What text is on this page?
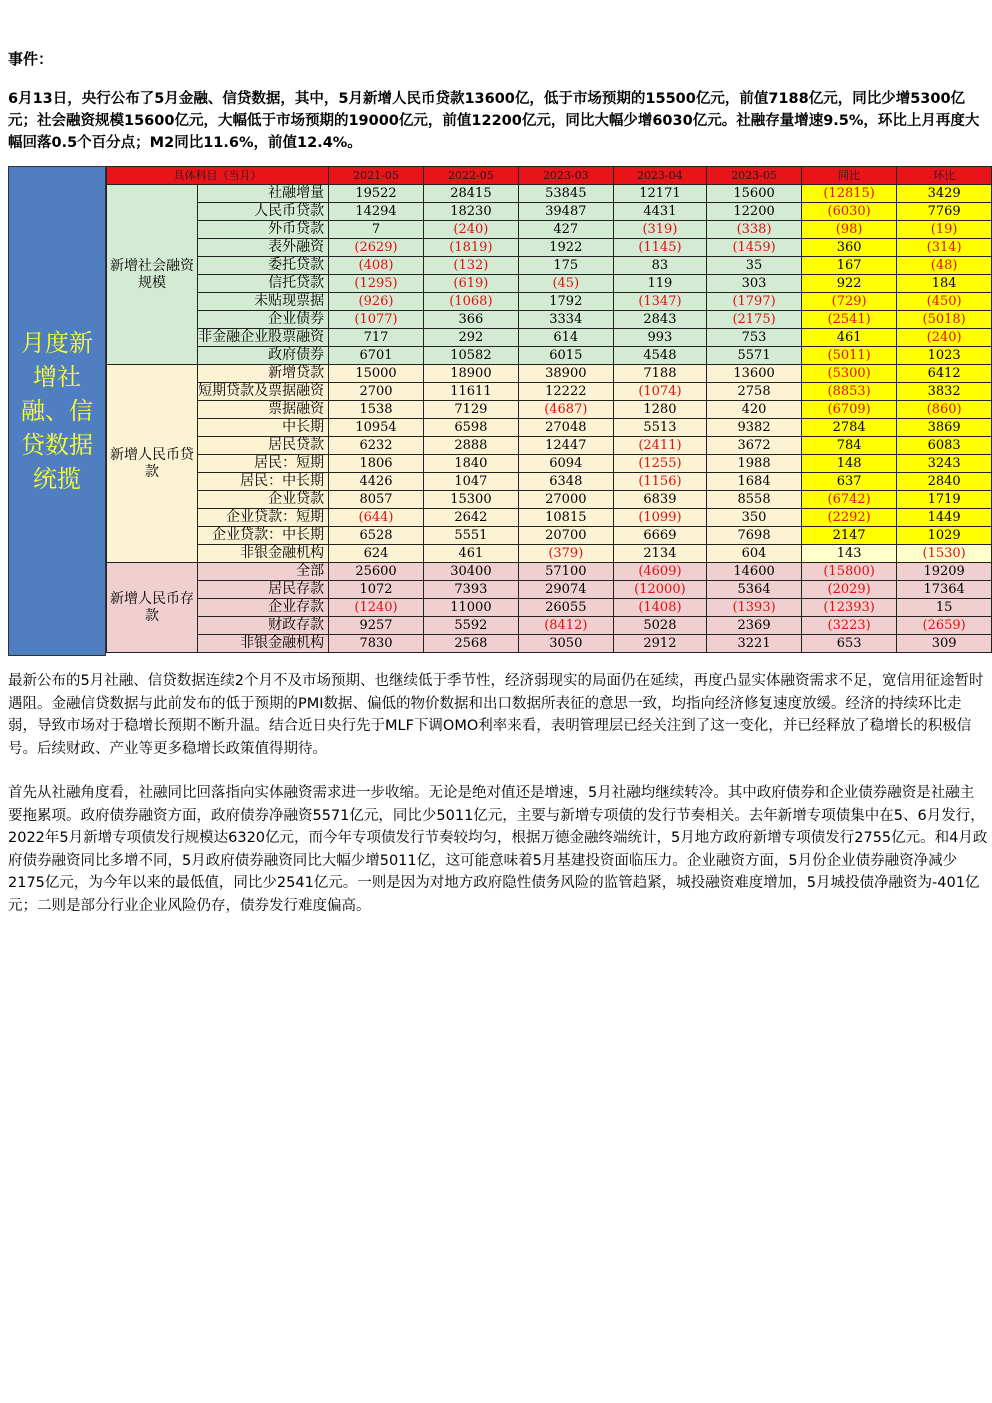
事件：
6月13日，央行公布了5月金融、信贷数据，其中，5月新增人民币贷款13600亿，低于市场预期的15500亿元，前值7188亿元，同比少增5300亿元；社会融资规模15600亿元，大幅低于市场预期的19000亿元，前值12200亿元，同比大幅少增6030亿元。社融存量增速9.5%，环比上月再度大幅回落0.5个百分点；M2同比11.6%，前值12.4%。
月度新增社融、信贷数据统揽
具体科目（当月）		2021-05	2022-05	2023-03	2023-04	2023-05	同比	环比
新增社会融资规模	社融增量	19522	28415	53845	12171	15600	(12815)	3429
	人民币贷款	14294	18230	39487	4431	12200	(6030)	7769
	外币贷款	7	(240)	427	(319)	(338)	(98)	(19)
	表外融资	(2629)	(1819)	1922	(1145)	(1459)	360	(314)
	委托贷款	(408)	(132)	175	83	35	167	(48)
	信托贷款	(1295)	(619)	(45)	119	303	922	184
	未贴现票据	(926)	(1068)	1792	(1347)	(1797)	(729)	(450)
	企业债券	(1077)	366	3334	2843	(2175)	(2541)	(5018)
	非金融企业股票融资	717	292	614	993	753	461	(240)
	政府债券	6701	10582	6015	4548	5571	(5011)	1023
新增人民币贷款	新增贷款	15000	18900	38900	7188	13600	(5300)	6412
	短期贷款及票据融资	2700	11611	12222	(1074)	2758	(8853)	3832
	票据融资	1538	7129	(4687)	1280	420	(6709)	(860)
	中长期	10954	6598	27048	5513	9382	2784	3869
	居民贷款	6232	2888	12447	(2411)	3672	784	6083
	居民：短期	1806	1840	6094	(1255)	1988	148	3243
	居民：中长期	4426	1047	6348	(1156)	1684	637	2840
	企业贷款	8057	15300	27000	6839	8558	(6742)	1719
	企业贷款：短期	(644)	2642	10815	(1099)	350	(2292)	1449
	企业贷款：中长期	6528	5551	20700	6669	7698	2147	1029
	非银金融机构	624	461	(379)	2134	604	143	(1530)
新增人民币存款	全部	25600	30400	57100	(4609)	14600	(15800)	19209
	居民存款	1072	7393	29074	(12000)	5364	(2029)	17364
	企业存款	(1240)	11000	26055	(1408)	(1393)	(12393)	15
	财政存款	9257	5592	(8412)	5028	2369	(3223)	(2659)
	非银金融机构	7830	2568	3050	2912	3221	653	309
最新公布的5月社融、信贷数据连续2个月不及市场预期、也继续低于季节性，经济弱现实的局面仍在延续，再度凸显实体融资需求不足，宽信用征途暂时遇阻。金融信贷数据与此前发布的低于预期的PMI数据、偏低的物价数据和出口数据所表征的意思一致，均指向经济修复速度放缓。经济的持续环比走弱，导致市场对于稳增长预期不断升温。结合近日央行先于MLF下调OMO利率来看，表明管理层已经关注到了这一变化，并已经释放了稳增长的积极信号。后续财政、产业等更多稳增长政策值得期待。
首先从社融角度看，社融同比回落指向实体融资需求进一步收缩。无论是绝对值还是增速，5月社融均继续转冷。其中政府债券和企业债券融资是社融主要拖累项。政府债券融资方面，政府债券净融资5571亿元，同比少5011亿元，主要与新增专项债的发行节奏相关。去年新增专项债集中在5、6月发行，2022年5月新增专项债发行规模达6320亿元，而今年专项债发行节奏较均匀，根据万德金融终端统计，5月地方政府新增专项债发行2755亿元。和4月政府债券融资同比多增不同，5月政府债券融资同比大幅少增5011亿，这可能意味着5月基建投资面临压力。企业融资方面，5月份企业债券融资净减少2175亿元，为今年以来的最低值，同比少2541亿元。一则是因为对地方政府隐性债务风险的监管趋紧，城投融资难度增加，5月城投债净融资为-401亿元；二则是部分行业企业风险仍存，债券发行难度偏高。
